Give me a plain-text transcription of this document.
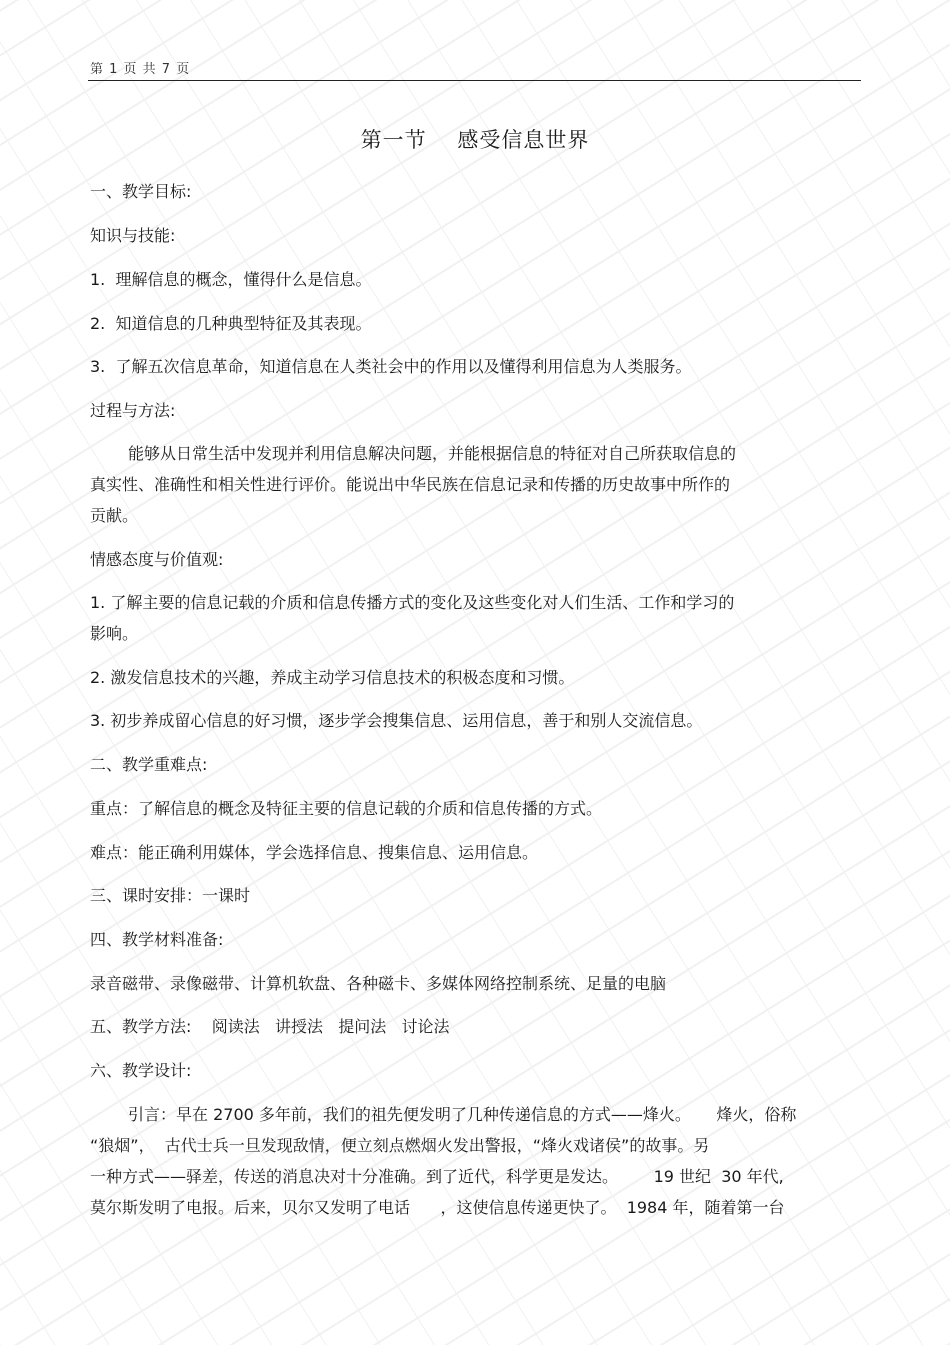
第 1 页 共 7 页
第一节    感受信息世界
一、教学目标:
知识与技能:
1.  理解信息的概念，懂得什么是信息。
2.  知道信息的几种典型特征及其表现。
3.  了解五次信息革命，知道信息在人类社会中的作用以及懂得利用信息为人类服务。
过程与方法:
能够从日常生活中发现并利用信息解决问题，并能根据信息的特征对自己所获取信息的
真实性、准确性和相关性进行评价。能说出中华民族在信息记录和传播的历史故事中所作的
贡献。
情感态度与价值观:
1. 了解主要的信息记载的介质和信息传播方式的变化及这些变化对人们生活、工作和学习的
影响。
2. 激发信息技术的兴趣，养成主动学习信息技术的积极态度和习惯。
3. 初步养成留心信息的好习惯，逐步学会搜集信息、运用信息，善于和别人交流信息。
二、教学重难点:
重点：了解信息的概念及特征主要的信息记载的介质和信息传播的方式。
难点：能正确利用媒体，学会选择信息、搜集信息、运用信息。
三、课时安排：一课时
四、教学材料准备:
录音磁带、录像磁带、计算机软盘、各种磁卡、多媒体网络控制系统、足量的电脑
五、教学方法:    阅读法   讲授法   提问法   讨论法
六、教学设计:
引言：早在 2700 多年前，我们的祖先便发明了几种传递信息的方式——烽火。     烽火，俗称
“狼烟”，  古代士兵一旦发现敌情，便立刻点燃烟火发出警报，“烽火戏诸侯”的故事。另
一种方式——驿差，传送的消息决对十分准确。到了近代，科学更是发达。       19 世纪  30 年代,
莫尔斯发明了电报。后来，贝尔又发明了电话      ，这使信息传递更快了。  1984 年，随着第一台
